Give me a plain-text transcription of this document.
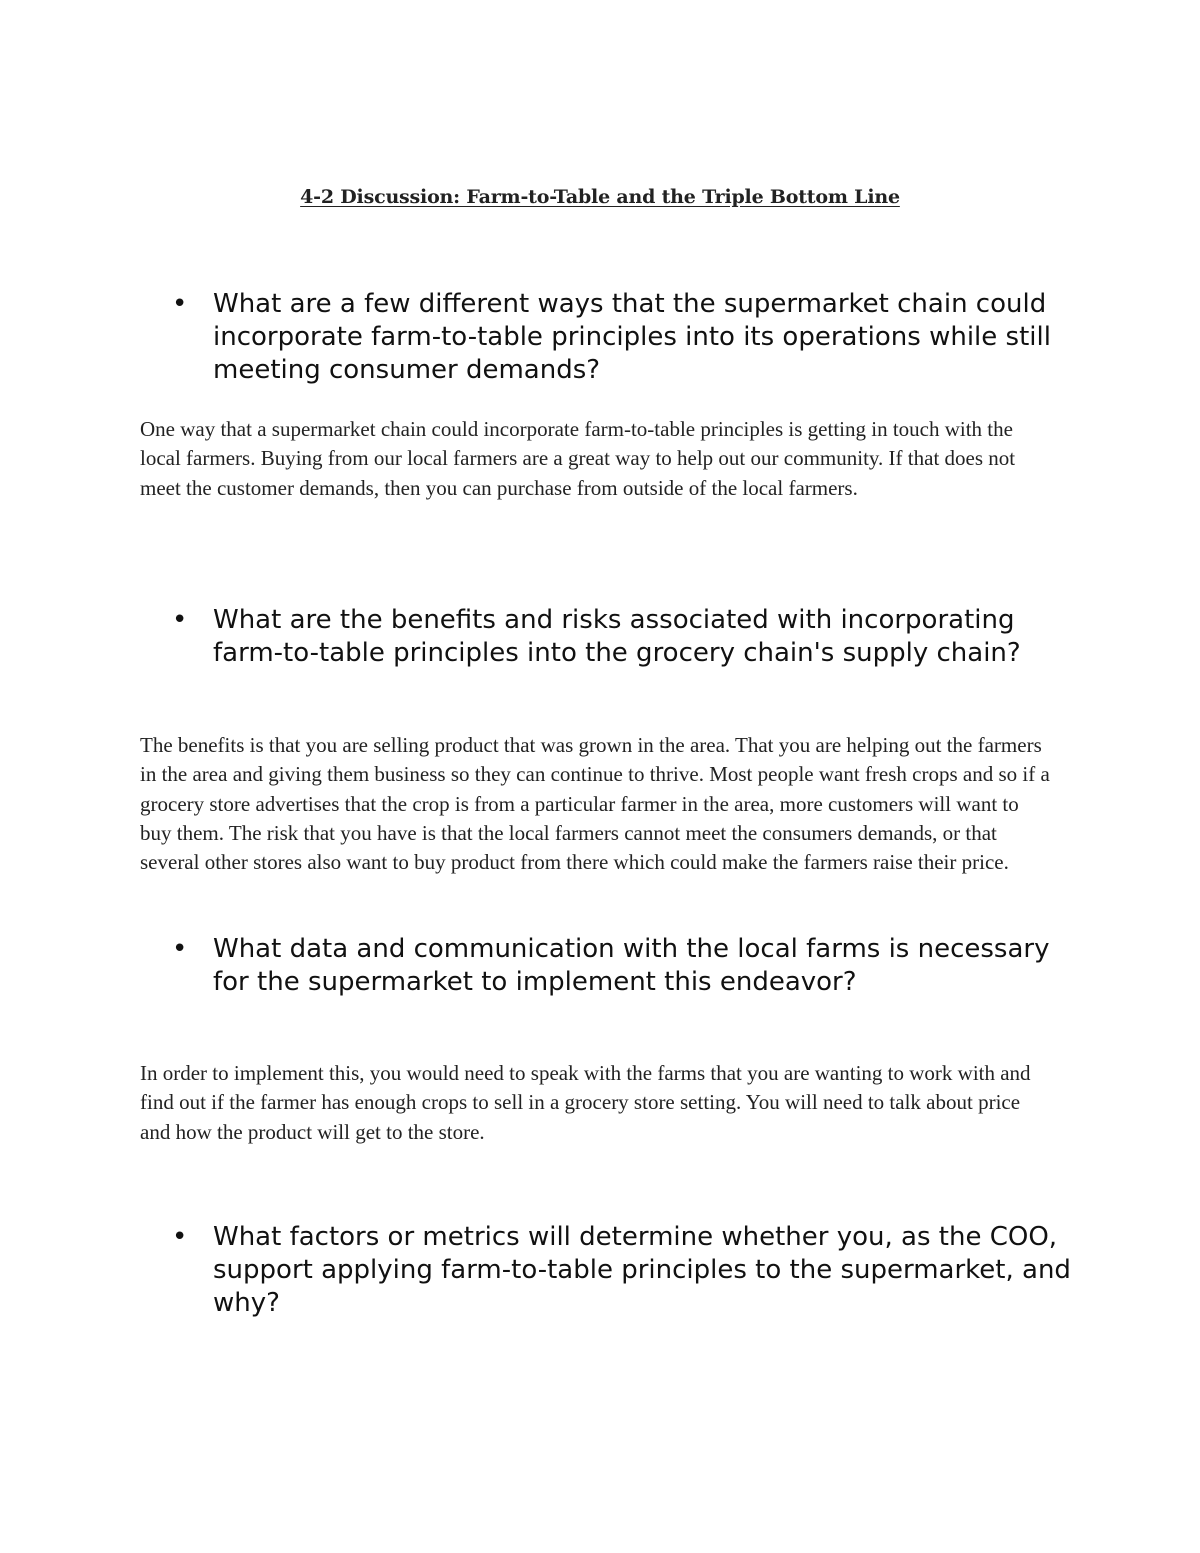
4-2 Discussion: Farm-to-Table and the Triple Bottom Line
• What are a few different ways that the supermarket chain could incorporate farm-to-table principles into its operations while still meeting consumer demands?

One way that a supermarket chain could incorporate farm-to-table principles is getting in touch with the local farmers. Buying from our local farmers are a great way to help out our community. If that does not meet the customer demands, then you can purchase from outside of the local farmers.

• What are the benefits and risks associated with incorporating farm-to-table principles into the grocery chain's supply chain?

The benefits is that you are selling product that was grown in the area. That you are helping out the farmers in the area and giving them business so they can continue to thrive. Most people want fresh crops and so if a grocery store advertises that the crop is from a particular farmer in the area, more customers will want to buy them. The risk that you have is that the local farmers cannot meet the consumers demands, or that several other stores also want to buy product from there which could make the farmers raise their price.

• What data and communication with the local farms is necessary for the supermarket to implement this endeavor?

In order to implement this, you would need to speak with the farms that you are wanting to work with and find out if the farmer has enough crops to sell in a grocery store setting. You will need to talk about price and how the product will get to the store.

• What factors or metrics will determine whether you, as the COO, support applying farm-to-table principles to the supermarket, and why?
